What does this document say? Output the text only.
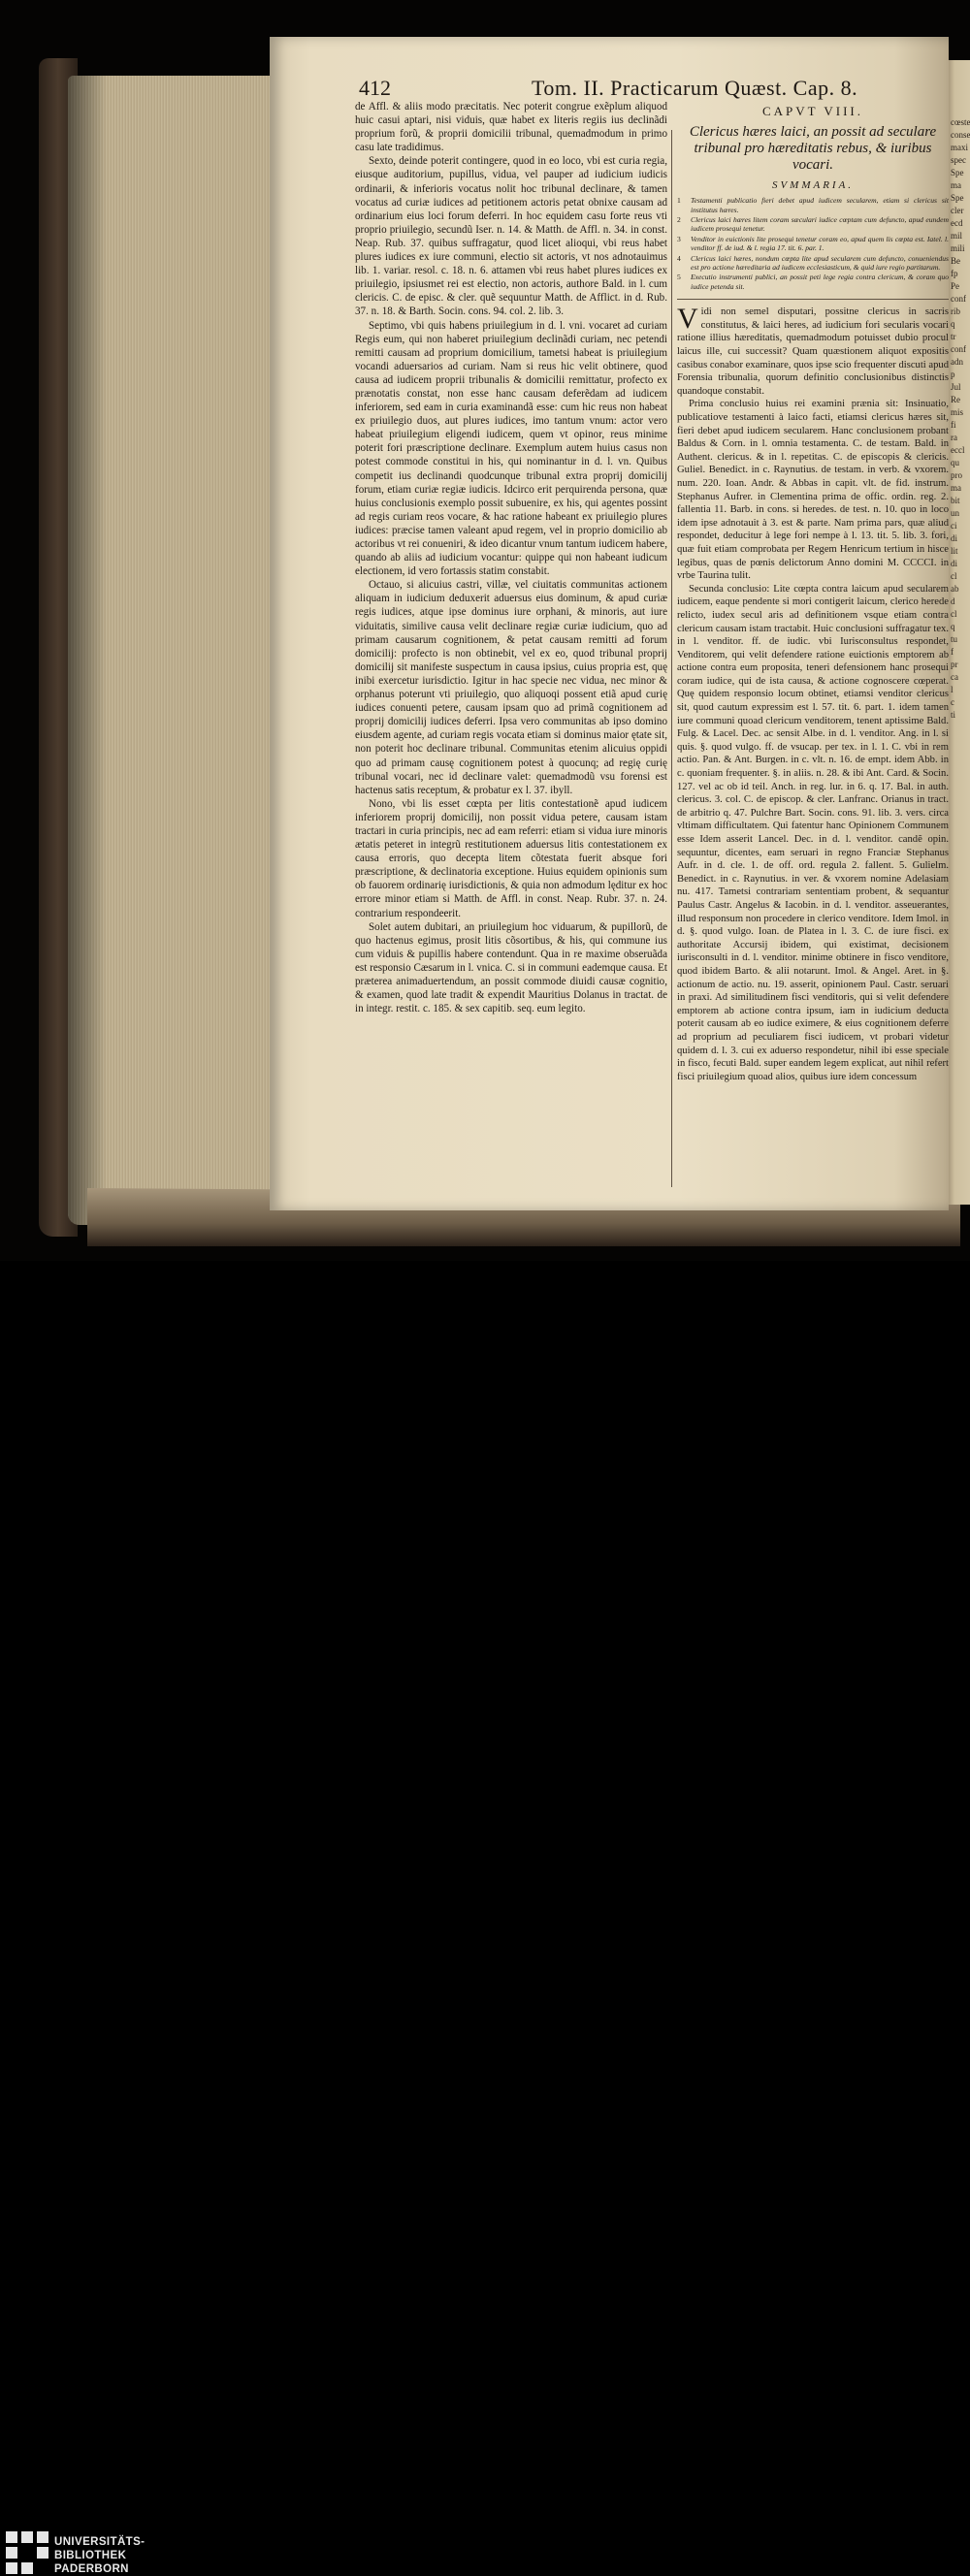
412	Tom. II. Practicarum Quæst. Cap. 8.

de Affl. & aliis modo præcitatis. Nec poterit congrue exẽplum aliquod huic casui aptari, nisi viduis, quæ habet ex literis regiis ius declinãdi proprium forũ, & proprii domicilii tribunal, quemadmodum in primo casu late tradidimus.

Sexto, deinde poterit contingere, quod in eo loco, vbi est curia regia, eiusque auditorium, pupillus, vidua, vel pauper ad iudicium iudicis ordinarii, & inferioris vocatus nolit hoc tribunal declinare, & tamen vocatus ad curiæ iudices ad petitionem actoris petat obnixe causam ad ordinarium eius loci forum deferri. In hoc equidem casu forte reus vti proprio priuilegio, secundũ Iser. n. 14. & Matth. de Affl. n. 34. in const. Neap. Rub. 37. quibus suffragatur, quod licet alioqui, vbi reus habet plures iudices ex iure communi, electio sit actoris, vt nos adnotauimus lib. 1. variar. resol. c. 18. n. 6. attamen vbi reus habet plures iudices ex priuilegio, ipsiusmet rei est electio, non actoris, authore Bald. in l. cum clericis. C. de episc. & cler. quẽ sequuntur Matth. de Afflict. in d. Rub. 37. n. 18. & Barth. Socin. cons. 94. col. 2. lib. 3.

Septimo, vbi quis habens priuilegium in d. l. vni. vocaret ad curiam Regis eum, qui non haberet priuilegium declinãdi curiam, nec petendi remitti causam ad proprium domicilium, tametsi habeat is priuilegium vocandi aduersarios ad curiam. Nam si reus hic velit obtinere, quod causa ad iudicem proprii tribunalis & domicilii remittatur, profecto ex prænotatis constat, non esse hanc causam deferẽdam ad iudicem inferiorem, sed eam in curia examinandã esse: cum hic reus non habeat ex priuilegio duos, aut plures iudices, imo tantum vnum: actor vero habeat priuilegium eligendi iudicem, quem vt opinor, reus minime poterit fori præscriptione declinare. Exemplum autem huius casus non potest commode constitui in his, qui nominantur in d. l. vn. Quibus competit ius declinandi quodcunque tribunal extra proprij domicilij forum, etiam curiæ regiæ iudicis. Idcirco erit perquirenda persona, quæ huius conclusionis exemplo possit subuenire, ex his, qui agentes possint ad regis curiam reos vocare, & hac ratione habeant ex priuilegio plures iudices: præcise tamen valeant apud regem, vel in proprio domicilio ab actoribus vt rei conueniri, & ideo dicantur vnum tantum iudicem habere, quando ab aliis ad iudicium vocantur: quippe qui non habeant iudicum electionem, id vero fortassis statim constabit.

Octauo, si alicuius castri, villæ, vel ciuitatis communitas actionem aliquam in iudicium deduxerit aduersus eius dominum, & apud curiæ regis iudices, atque ipse dominus iure orphani, & minoris, aut iure viduitatis, similive causa velit declinare regiæ curiæ iudicium, quo ad primam causarum cognitionem, & petat causam remitti ad forum domicilij: profecto is non obtinebit, vel ex eo, quod tribunal proprij domicilij sit manifeste suspectum in causa ipsius, cuius propria est, quę inibi exercetur iurisdictio. Igitur in hac specie nec vidua, nec minor & orphanus poterunt vti priuilegio, quo aliquoqi possent etiã apud curię iudices conuenti petere, causam ipsam quo ad primã cognitionem ad proprij domicilij iudices deferri. Ipsa vero communitas ab ipso domino eiusdem agente, ad curiam regis vocata etiam si dominus maior ętate sit, non poterit hoc declinare tribunal. Communitas etenim alicuius oppidi quo ad primam causę cognitionem potest à quocunq; ad regię curię tribunal vocari, nec id declinare valet: quemadmodũ vsu forensi est hactenus satis receptum, & probatur ex l. 37. ibyll.

Nono, vbi lis esset cœpta per litis contestationẽ apud iudicem inferiorem proprij domicilij, non possit vidua petere, causam istam tractari in curia principis, nec ad eam referri: etiam si vidua iure minoris ætatis peteret in integrũ restitutionem aduersus litis contestationem ex causa erroris, quo decepta litem cõtestata fuerit absque fori præscriptione, & declinatoria exceptione. Huius equidem opinionis sum ob fauorem ordinarię iurisdictionis, & quia non admodum lęditur ex hoc errore minor etiam si Matth. de Affl. in const. Neap. Rubr. 37. n. 24. contrarium respondeerit.

Solet autem dubitari, an priuilegium hoc viduarum, & pupillorũ, de quo hactenus egimus, prosit litis cõsortibus, & his, qui commune ius cum viduis & pupillis habere contendunt. Qua in re maxime obseruãda est responsio Cæsarum in l. vnica. C. si in communi eademque causa. Et præterea animaduertendum, an possit commode diuidi causæ cognitio, & examen, quod late tradit & expendit Mauritius Dolanus in tractat. de in integr. restit. c. 185. & sex capitib. seq. eum legito.

CAPVT VIII.
Clericus hæres laici, an possit ad seculare tribunal pro hæreditatis rebus, & iuribus vocari.
SVMMARIA.
1	Testamenti publicatio fieri debet apud iudicem secularem, etiam si clericus sit institutus hæres.
2	Clericus laici hæres litem coram sæculari iudice cœptam cum defuncto, apud eundem iudicem prosequi tenetur.
3	Venditor in euictionis lite prosequi tenetur coram eo, apud quem lis cœpta est. Iatel. l. venditor ff. de iud. & l. regia 17. tit. 6. par. 1.
4	Clericus laici hæres, nondum cœpta lite apud secularem cum defuncto, conueniendus est pro actione hæreditaria ad iudicem ecclesiasticum, & quid iure regio partitarum.
5	Executio instrumenti publici, an possit peti lege regia contra clericum, & coram quo iudice petenda sit.

Vidi non semel disputari, possitne clericus in sacris constitutus, & laici heres, ad iudicium fori secularis vocari ratione illius hæreditatis, quemadmodum potuisset dubio procul laicus ille, cui successit? Quam quæstionem aliquot expositis casibus conabor examinare, quos ipse scio frequenter discuti apud Forensia tribunalia, quorum definitio conclusionibus distinctis quandoque constabit.

Prima conclusio huius rei examini prænia sit: Insinuatio, publicatiove testamenti à laico facti, etiamsi clericus hæres sit, fieri debet apud iudicem secularem. Hanc conclusionem probant Baldus & Corn. in l. omnia testamenta. C. de testam. Bald. in Authent. clericus. & in l. repetitas. C. de episcopis & clericis. Guliel. Benedict. in c. Raynutius. de testam. in verb. & vxorem. num. 220. Ioan. Andr. & Abbas in capit. vlt. de fid. instrum. Stephanus Aufrer. in Clementina prima de offic. ordin. reg. 2. fallentia 11. Barb. in cons. si heredes. de test. n. 10. quo in loco idem ipse adnotauit à 3. est & parte. Nam prima pars, quæ aliud respondet, deducitur à lege fori nempe à l. 13. tit. 5. lib. 3. fori, quæ fuit etiam comprobata per Regem Henricum tertium in hisce legibus, quas de pœnis delictorum Anno domini M. CCCCI. in vrbe Taurina tulit.

Secunda conclusio: Lite cœpta contra laicum apud secularem iudicem, eaque pendente si mori contigerit laicum, clerico herede relicto, iudex secul aris ad definitionem vsque etiam contra clericum causam istam tractabit. Huic conclusioni suffragatur tex. in l. venditor. ff. de iudic. vbi Iurisconsultus respondet, Venditorem, qui velit defendere ratione euictionis emptorem ab actione contra eum proposita, teneri defensionem hanc prosequi coram iudice, qui de ista causa, & actione cognoscere cœperat. Quę quidem responsio locum obtinet, etiamsi venditor clericus sit, quod cautum expressim est l. 57. tit. 6. part. 1. idem tamen iure communi quoad clericum venditorem, tenent aptissime Bald. Fulg. & Lacel. Dec. ac sensit Albe. in d. l. venditor. Ang. in l. si quis. §. quod vulgo. ff. de vsucap. per tex. in l. 1. C. vbi in rem actio. Pan. & Ant. Burgen. in c. vlt. n. 16. de empt. idem Abb. in c. quoniam frequenter. §. in aliis. n. 28. & ibi Ant. Card. & Socin. 127. vel ac ob id teil. Anch. in reg. lur. in 6. q. 17. Bal. in auth. clericus. 3. col. C. de episcop. & cler. Lanfranc. Orianus in tract. de arbitrio q. 47. Pulchre Bart. Socin. cons. 91. lib. 3. vers. circa vltimam difficultatem. Qui fatentur hanc Opinionem Communem esse Idem asserit Lancel. Dec. in d. l. venditor. candẽ opin. sequuntur, dicentes, eam seruari in regno Franciæ Stephanus Aufr. in d. cle. 1. de off. ord. regula 2. fallent. 5. Gulielm. Benedict. in c. Raynutius. in ver. & vxorem nomine Adelasiam nu. 417. Tametsi contrariam sententiam probent, & sequantur Paulus Castr. Angelus & Iacobin. in d. l. venditor. asseuerantes, illud responsum non procedere in clerico venditore. Idem Imol. in d. §. quod vulgo. Ioan. de Platea in l. 3. C. de iure fisci. ex authoritate Accursij ibidem, qui existimat, decisionem iurisconsulti in d. l. venditor. minime obtinere in fisco venditore, quod ibidem Barto. & alii notarunt. Imol. & Angel. Aret. in §. actionum de actio. nu. 19. asserit, opinionem Paul. Castr. seruari in praxi. Ad similitudinem fisci venditoris, qui si velit defendere emptorem ab actione contra ipsum, iam in iudicium deducta poterit causam ab eo iudice eximere, & eius cognitionem deferre ad proprium ad peculiarem fisci iudicem, vt probari videtur quidem d. l. 3. cui ex aduerso respondetur, nihil ibi esse speciale in fisco, fecuti Bald. super eandem legem explicat, aut nihil refert fisci priuilegium quoad alios, quibus iure idem concessum

cœste
conse
maxi
spec
Spe
ma
Spe
cler
ecd
mil
mili
Be
fp
Pe
conf
rib
q
tr
conf
adn
p
Jul
Re
mis
fi
ra
eccl
qu
pro
ma
bit
un
ci
di
lit
di
cl
ab
d
cl
q
tu
f
pr
ca
l
c
ti
UNIVERSITÄTS-
BIBLIOTHEK
PADERBORN
